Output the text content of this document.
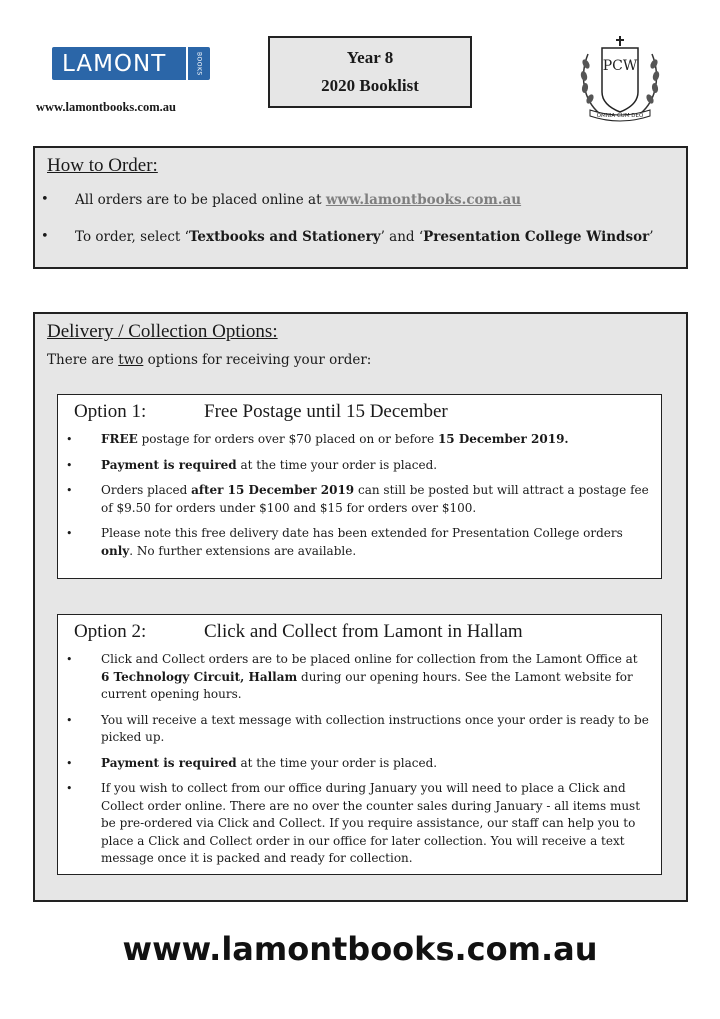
LAMONT	BOOKS
www.lamontbooks.com.au
Year 8
2020 Booklist
PCW
OMNIA CUM DEO
How to Order:
• All orders are to be placed online at www.lamontbooks.com.au
• To order, select ‘Textbooks and Stationery’ and ‘Presentation College Windsor’
Delivery / Collection Options:
There are two options for receiving your order:
Option 1:	Free Postage until 15 December
• FREE postage for orders over $70 placed on or before 15 December 2019.
• Payment is required at the time your order is placed.
• Orders placed after 15 December 2019 can still be posted but will attract a postage fee of $9.50 for orders under $100 and $15 for orders over $100.
• Please note this free delivery date has been extended for Presentation College orders only. No further extensions are available.
Option 2:	Click and Collect from Lamont in Hallam
• Click and Collect orders are to be placed online for collection from the Lamont Office at 6 Technology Circuit, Hallam during our opening hours. See the Lamont website for current opening hours.
• You will receive a text message with collection instructions once your order is ready to be picked up.
• Payment is required at the time your order is placed.
• If you wish to collect from our office during January you will need to place a Click and Collect order online. There are no over the counter sales during January - all items must be pre-ordered via Click and Collect. If you require assistance, our staff can help you to place a Click and Collect order in our office for later collection. You will receive a text message once it is packed and ready for collection.
www.lamontbooks.com.au
